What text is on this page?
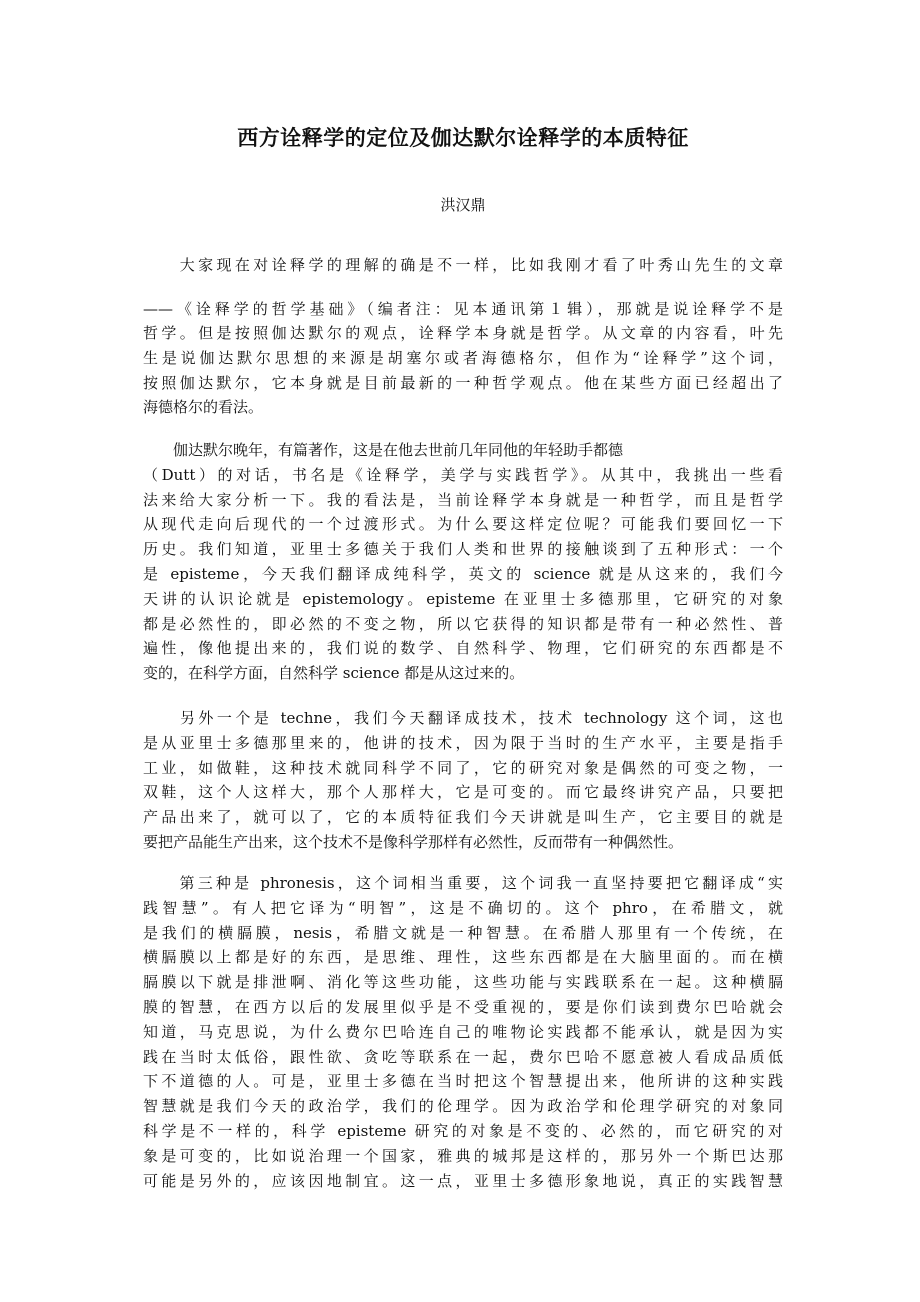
西方诠释学的定位及伽达默尔诠释学的本质特征

洪汉鼎

　　大家现在对诠释学的理解的确是不一样，比如我刚才看了叶秀山先生的文章
——《诠释学的哲学基础》（编者注：见本通讯第１辑），那就是说诠释学不是

哲学。但是按照伽达默尔的观点，诠释学本身就是哲学。从文章的内容看，叶先
生是说伽达默尔思想的来源是胡塞尔或者海德格尔，但作为“诠释学”这个词，
按照伽达默尔，它本身就是目前最新的一种哲学观点。他在某些方面已经超出了
海德格尔的看法。

　　伽达默尔晚年，有篇著作，这是在他去世前几年同他的年轻助手都德
（Dutt）的对话，书名是《诠释学，美学与实践哲学》。从其中，我挑出一些看
法来给大家分析一下。我的看法是，当前诠释学本身就是一种哲学，而且是哲学
从现代走向后现代的一个过渡形式。为什么要这样定位呢？可能我们要回忆一下
历史。我们知道，亚里士多德关于我们人类和世界的接触谈到了五种形式：一个
是 episteme，今天我们翻译成纯科学，英文的 science 就是从这来的，我们今
天讲的认识论就是 epistemology。episteme 在亚里士多德那里，它研究的对象
都是必然性的，即必然的不变之物，所以它获得的知识都是带有一种必然性、普
遍性，像他提出来的，我们说的数学、自然科学、物理，它们研究的东西都是不
变的，在科学方面，自然科学 science 都是从这过来的。

　　另外一个是 techne，我们今天翻译成技术，技术 technology 这个词，这也
是从亚里士多德那里来的，他讲的技术，因为限于当时的生产水平，主要是指手
工业，如做鞋，这种技术就同科学不同了，它的研究对象是偶然的可变之物，一
双鞋，这个人这样大，那个人那样大，它是可变的。而它最终讲究产品，只要把
产品出来了，就可以了，它的本质特征我们今天讲就是叫生产，它主要目的就是
要把产品能生产出来，这个技术不是像科学那样有必然性，反而带有一种偶然性。

　　第三种是 phronesis，这个词相当重要，这个词我一直坚持要把它翻译成“实
践智慧”。有人把它译为“明智”，这是不确切的。这个 phro，在希腊文，就
是我们的横膈膜，nesis，希腊文就是一种智慧。在希腊人那里有一个传统，在
横膈膜以上都是好的东西，是思维、理性，这些东西都是在大脑里面的。而在横
膈膜以下就是排泄啊、消化等这些功能，这些功能与实践联系在一起。这种横膈
膜的智慧，在西方以后的发展里似乎是不受重视的，要是你们读到费尔巴哈就会
知道，马克思说，为什么费尔巴哈连自己的唯物论实践都不能承认，就是因为实
践在当时太低俗，跟性欲、贪吃等联系在一起，费尔巴哈不愿意被人看成品质低
下不道德的人。可是，亚里士多德在当时把这个智慧提出来，他所讲的这种实践
智慧就是我们今天的政治学，我们的伦理学。因为政治学和伦理学研究的对象同
科学是不一样的，科学 episteme 研究的对象是不变的、必然的，而它研究的对
象是可变的，比如说治理一个国家，雅典的城邦是这样的，那另外一个斯巴达那
可能是另外的，应该因地制宜。这一点，亚里士多德形象地说，真正的实践智慧
